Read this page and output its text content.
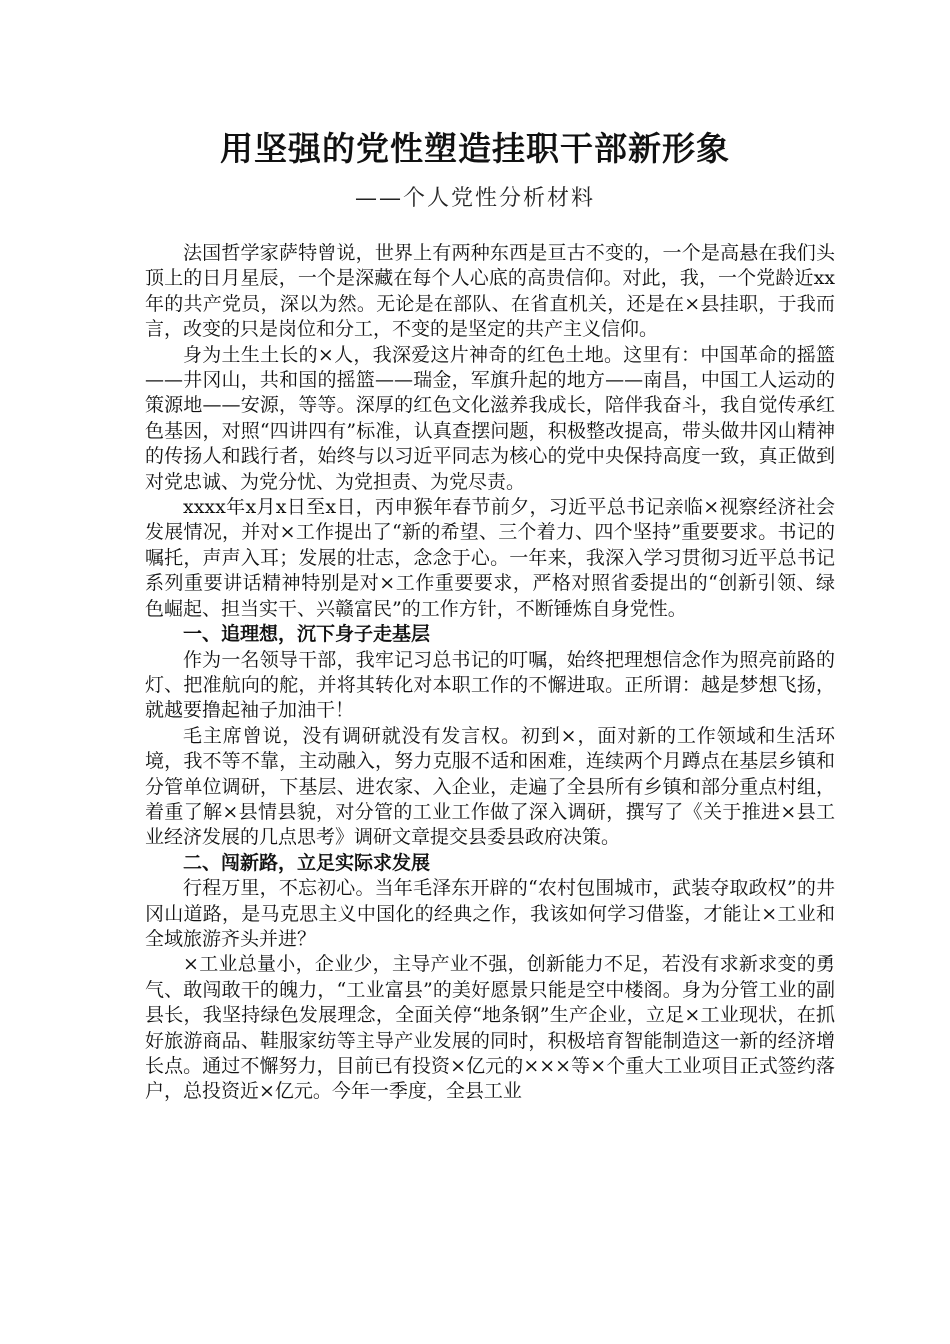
用坚强的党性塑造挂职干部新形象
——个人党性分析材料

法国哲学家萨特曾说，世界上有两种东西是亘古不变的，一个是高悬在我们头顶上的日月星辰，一个是深藏在每个人心底的高贵信仰。对此，我，一个党龄近xx年的共产党员，深以为然。无论是在部队、在省直机关，还是在×县挂职，于我而言，改变的只是岗位和分工，不变的是坚定的共产主义信仰。

身为土生土长的×人，我深爱这片神奇的红色土地。这里有：中国革命的摇篮——井冈山，共和国的摇篮——瑞金，军旗升起的地方——南昌，中国工人运动的策源地——安源，等等。深厚的红色文化滋养我成长，陪伴我奋斗，我自觉传承红色基因，对照“四讲四有”标准，认真查摆问题，积极整改提高，带头做井冈山精神的传扬人和践行者，始终与以习近平同志为核心的党中央保持高度一致，真正做到对党忠诚、为党分忧、为党担责、为党尽责。

xxxx年x月x日至x日，丙申猴年春节前夕，习近平总书记亲临×视察经济社会发展情况，并对×工作提出了“新的希望、三个着力、四个坚持”重要要求。书记的嘱托，声声入耳；发展的壮志，念念于心。一年来，我深入学习贯彻习近平总书记系列重要讲话精神特别是对×工作重要要求，严格对照省委提出的“创新引领、绿色崛起、担当实干、兴赣富民”的工作方针，不断锤炼自身党性。

一、追理想，沉下身子走基层

作为一名领导干部，我牢记习总书记的叮嘱，始终把理想信念作为照亮前路的灯、把准航向的舵，并将其转化对本职工作的不懈进取。正所谓：越是梦想飞扬，就越要撸起袖子加油干！

毛主席曾说，没有调研就没有发言权。初到×，面对新的工作领域和生活环境，我不等不靠，主动融入，努力克服不适和困难，连续两个月蹲点在基层乡镇和分管单位调研，下基层、进农家、入企业，走遍了全县所有乡镇和部分重点村组，着重了解×县情县貌，对分管的工业工作做了深入调研，撰写了《关于推进×县工业经济发展的几点思考》调研文章提交县委县政府决策。

二、闯新路，立足实际求发展

行程万里，不忘初心。当年毛泽东开辟的“农村包围城市，武装夺取政权”的井冈山道路，是马克思主义中国化的经典之作，我该如何学习借鉴，才能让×工业和全域旅游齐头并进？

×工业总量小，企业少，主导产业不强，创新能力不足，若没有求新求变的勇气、敢闯敢干的魄力，“工业富县”的美好愿景只能是空中楼阁。身为分管工业的副县长，我坚持绿色发展理念，全面关停“地条钢”生产企业，立足×工业现状，在抓好旅游商品、鞋服家纺等主导产业发展的同时，积极培育智能制造这一新的经济增长点。通过不懈努力，目前已有投资×亿元的×××等×个重大工业项目正式签约落户，总投资近×亿元。今年一季度，全县工业
